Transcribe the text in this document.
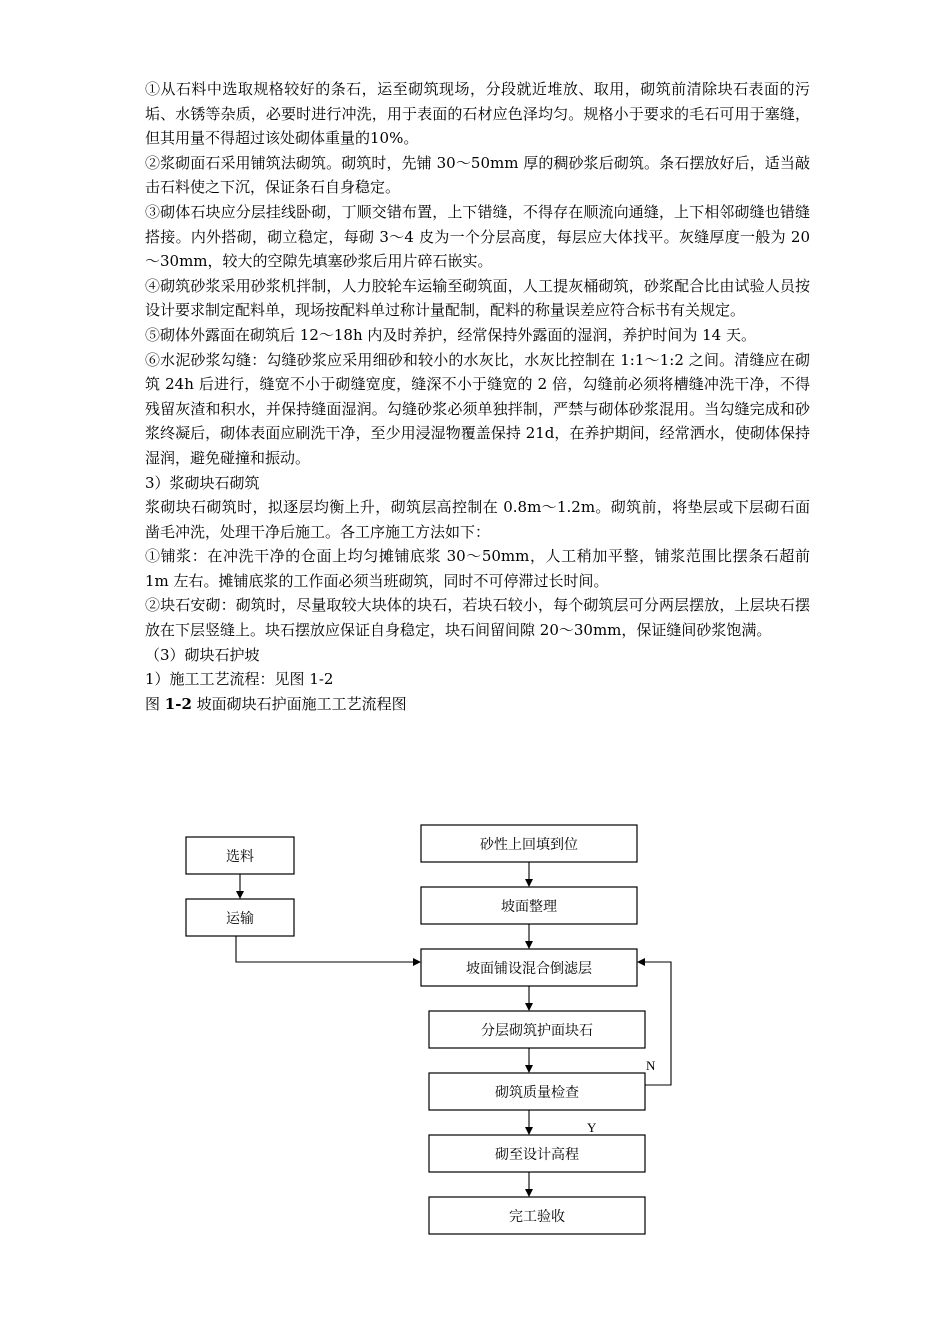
①从石料中选取规格较好的条石，运至砌筑现场，分段就近堆放、取用，砌筑前清除块石表面的污垢、水锈等杂质，必要时进行冲洗，用于表面的石材应色泽均匀。规格小于要求的毛石可用于塞缝，但其用量不得超过该处砌体重量的10%。

②浆砌面石采用铺筑法砌筑。砌筑时，先铺 30～50mm 厚的稠砂浆后砌筑。条石摆放好后，适当敲击石料使之下沉，保证条石自身稳定。

③砌体石块应分层挂线卧砌，丁顺交错布置，上下错缝，不得存在顺流向通缝，上下相邻砌缝也错缝搭接。内外搭砌，砌立稳定，每砌 3～4 皮为一个分层高度，每层应大体找平。灰缝厚度一般为 20～30mm，较大的空隙先填塞砂浆后用片碎石嵌实。

④砌筑砂浆采用砂浆机拌制，人力胶轮车运输至砌筑面，人工提灰桶砌筑，砂浆配合比由试验人员按设计要求制定配料单，现场按配料单过称计量配制，配料的称量误差应符合标书有关规定。

⑤砌体外露面在砌筑后 12～18h 内及时养护，经常保持外露面的湿润，养护时间为 14 天。

⑥水泥砂浆勾缝：勾缝砂浆应采用细砂和较小的水灰比，水灰比控制在 1:1～1:2 之间。清缝应在砌筑 24h 后进行，缝宽不小于砌缝宽度，缝深不小于缝宽的 2 倍，勾缝前必须将槽缝冲洗干净，不得残留灰渣和积水，并保持缝面湿润。勾缝砂浆必须单独拌制，严禁与砌体砂浆混用。当勾缝完成和砂浆终凝后，砌体表面应刷洗干净，至少用浸湿物覆盖保持 21d，在养护期间，经常洒水，使砌体保持湿润，避免碰撞和振动。

3）浆砌块石砌筑

浆砌块石砌筑时，拟逐层均衡上升，砌筑层高控制在 0.8m～1.2m。砌筑前，将垫层或下层砌石面凿毛冲洗，处理干净后施工。各工序施工方法如下：

①铺浆：在冲洗干净的仓面上均匀摊铺底浆 30～50mm，人工稍加平整，铺浆范围比摆条石超前 1m 左右。摊铺底浆的工作面必须当班砌筑，同时不可停滞过长时间。

②块石安砌：砌筑时，尽量取较大块体的块石，若块石较小，每个砌筑层可分两层摆放，上层块石摆放在下层竖缝上。块石摆放应保证自身稳定，块石间留间隙 20～30mm，保证缝间砂浆饱满。

（3）砌块石护坡

1）施工工艺流程：见图 1-2

图 1-2 坡面砌块石护面施工工艺流程图

选料
运输
砂性上回填到位
坡面整理
坡面铺设混合倒滤层
分层砌筑护面块石
砌筑质量检查
砌至设计高程
完工验收
N
Y
